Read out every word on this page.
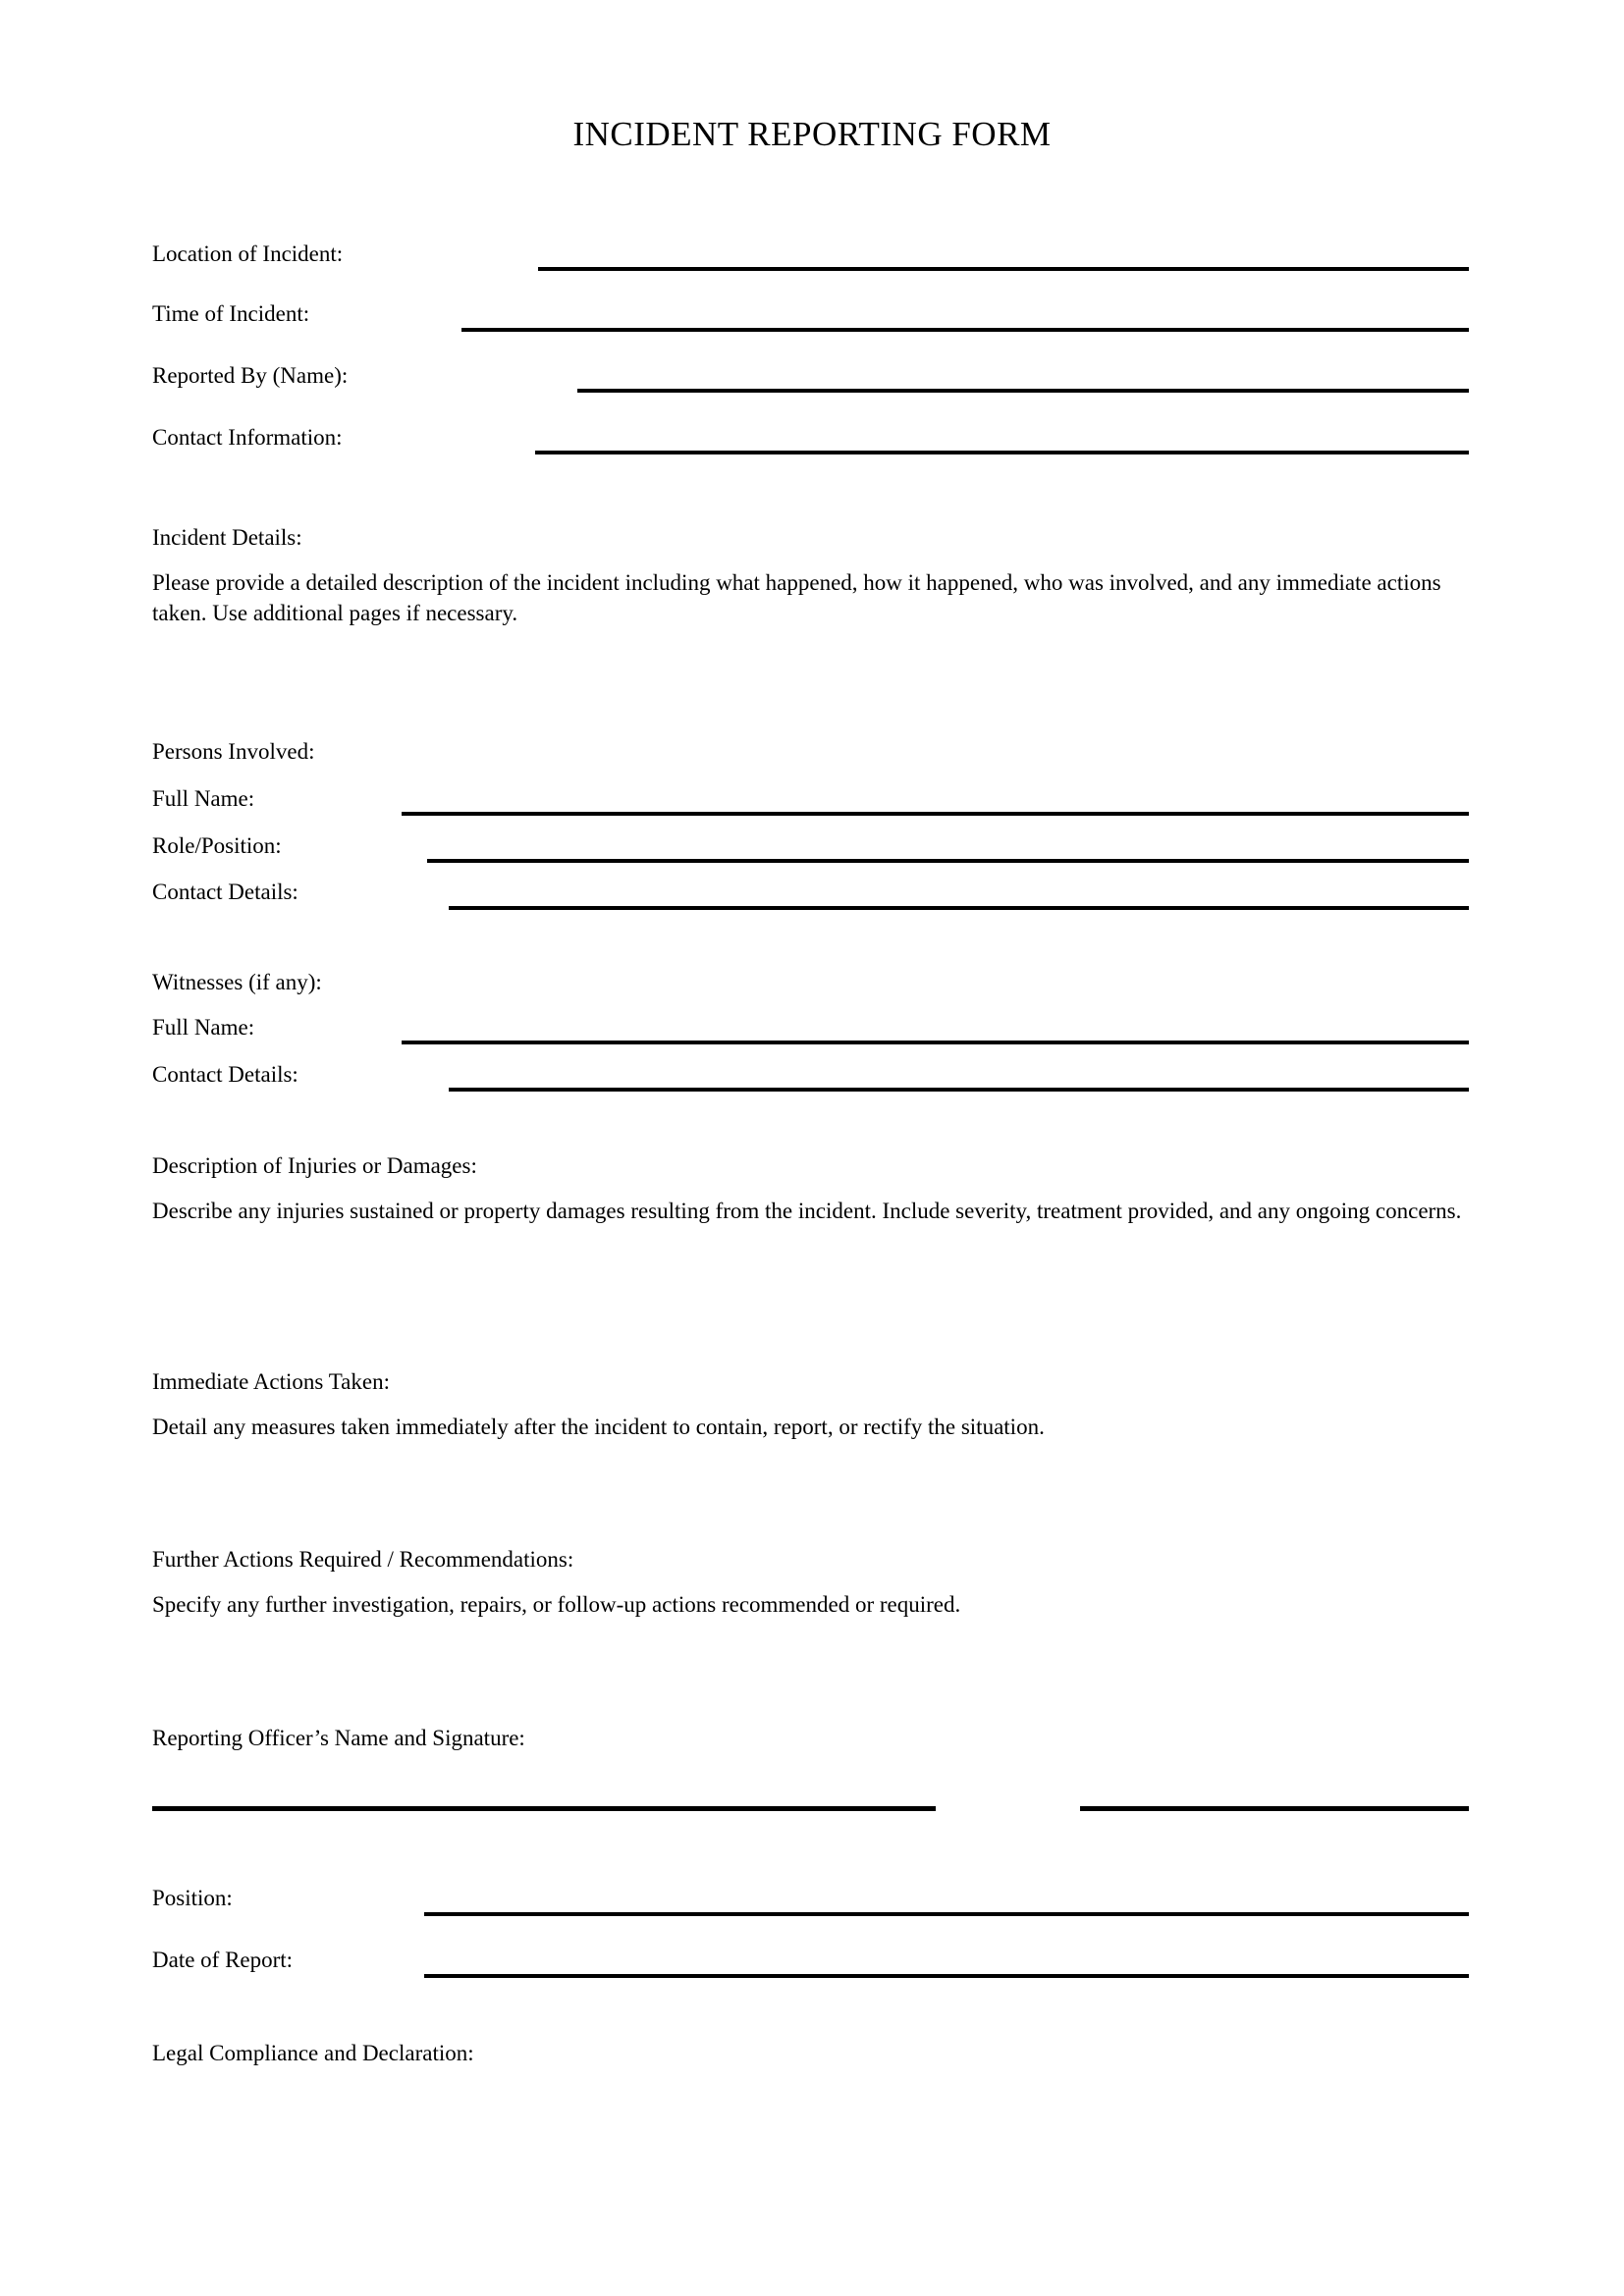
INCIDENT REPORTING FORM
Location of Incident:
Time of Incident:
Reported By (Name):
Contact Information:
Incident Details:
Please provide a detailed description of the incident including what happened, how it happened, who was involved, and any immediate actions taken. Use additional pages if necessary.
Persons Involved:
Full Name:
Role/Position:
Contact Details:
Witnesses (if any):
Full Name:
Contact Details:
Description of Injuries or Damages:
Describe any injuries sustained or property damages resulting from the incident. Include severity, treatment provided, and any ongoing concerns.
Immediate Actions Taken:
Detail any measures taken immediately after the incident to contain, report, or rectify the situation.
Further Actions Required / Recommendations:
Specify any further investigation, repairs, or follow-up actions recommended or required.
Reporting Officer’s Name and Signature:
Position:
Date of Report:
Legal Compliance and Declaration:
